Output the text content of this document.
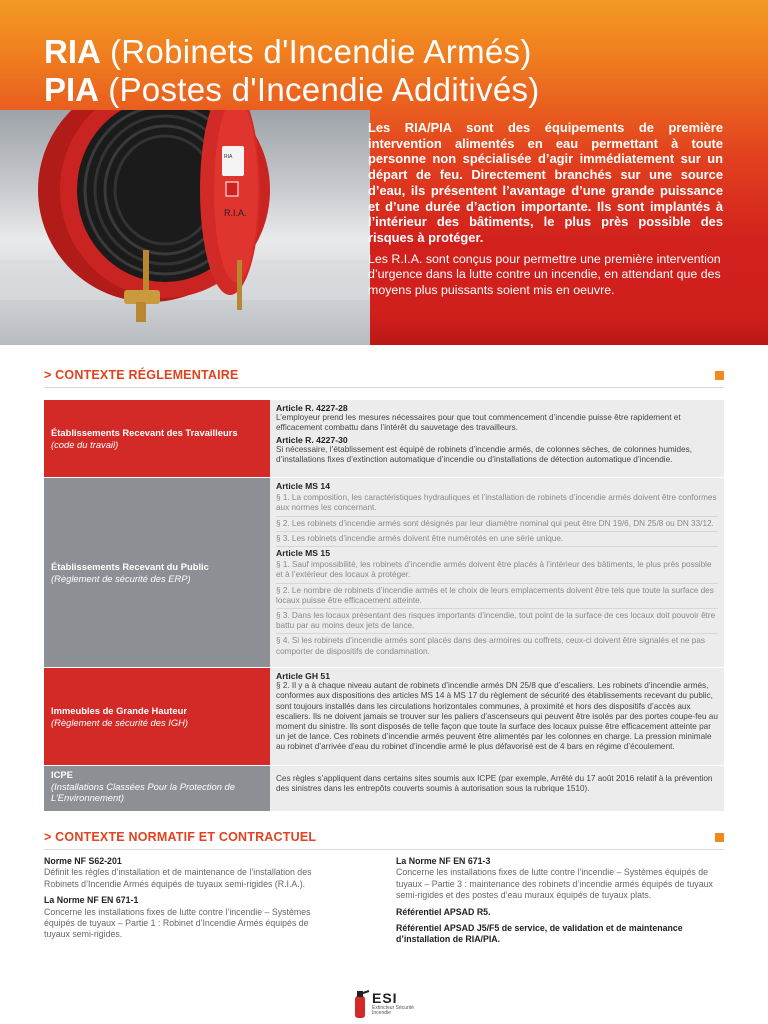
RIA (Robinets d'Incendie Armés)
PIA (Postes d'Incendie Additivés)
RIA
R.I.A.

Les RIA/PIA sont des équipements de première intervention alimentés en eau permettant à toute personne non spécialisée d’agir immédiatement sur un départ de feu. Directement branchés sur une source d’eau, ils présentent l’avantage d’une grande puissance et d’une durée d’action importante. Ils sont implantés à l’intérieur des bâtiments, le plus près possible des risques à protéger.

Les R.I.A. sont conçus pour permettre une première intervention d’urgence dans la lutte contre un incendie, en attendant que des moyens plus puissants soient mis en oeuvre.

> CONTEXTE RÉGLEMENTAIRE
Établissements Recevant des Travailleurs
(code du travail)
Article R. 4227-28
L’employeur prend les mesures nécessaires pour que tout commencement d’incendie puisse être rapidement et efficacement combattu dans l’intérêt du sauvetage des travailleurs.
Article R. 4227-30
Si nécessaire, l’établissement est équipé de robinets d’incendie armés, de colonnes sèches, de colonnes humides, d’installations fixes d’extinction automatique d’incendie ou d’installations de détection automatique d’incendie.
Établissements Recevant du Public
(Règlement de sécurité des ERP)
Article MS 14
§ 1. La composition, les caractéristiques hydrauliques et l’installation de robinets d’incendie armés doivent être conformes aux normes les concernant.
§ 2. Les robinets d’incendie armés sont désignés par leur diamètre nominal qui peut être DN 19/6, DN 25/8 ou DN 33/12.
§ 3. Les robinets d’incendie armés doivent être numérotés en une série unique.
Article MS 15
§ 1. Sauf impossibilité, les robinets d’incendie armés doivent être placés à l’intérieur des bâtiments, le plus près possible et à l’extérieur des locaux à protéger.
§ 2. Le nombre de robinets d’incendie armés et le choix de leurs emplacements doivent être tels que toute la surface des locaux puisse être efficacement atteinte.
§ 3. Dans les locaux présentant des risques importants d’incendie, tout point de la surface de ces locaux doit pouvoir être battu par au moins deux jets de lance.
§ 4. Si les robinets d’incendie armés sont placés dans des armoires ou coffrets, ceux-ci doivent être signalés et ne pas comporter de dispositifs de condamnation.
Immeubles de Grande Hauteur
(Règlement de sécurité des IGH)
Article GH 51
§ 2. Il y a à chaque niveau autant de robinets d’incendie armés DN 25/8 que d’escaliers. Les robinets d’incendie armés, conformes aux dispositions des articles MS 14 à MS 17 du règlement de sécurité des établissements recevant du public, sont toujours installés dans les circulations horizontales communes, à proximité et hors des dispositifs d’accès aux escaliers. Ils ne doivent jamais se trouver sur les paliers d’ascenseurs qui peuvent être isolés par des portes coupe-feu au moment du sinistre. Ils sont disposés de telle façon que toute la surface des locaux puisse être efficacement atteinte par un jet de lance. Ces robinets d’incendie armés peuvent être alimentés par les colonnes en charge. La pression minimale au robinet d’arrivée d’eau du robinet d’incendie armé le plus défavorisé est de 4 bars en régime d’écoulement.
ICPE
(Installations Classées Pour la Protection de L’Environnement)
Ces règles s’appliquent dans certains sites soumis aux ICPE (par exemple, Arrêté du 17 août 2016 relatif à la prévention des sinistres dans les entrepôts couverts soumis à autorisation sous la rubrique 1510).
> CONTEXTE NORMATIF ET CONTRACTUEL
Norme NF S62-201
Définit les règles d’installation et de maintenance de l’installation des Robinets d’Incendie Armés équipés de tuyaux semi-rigides (R.I.A.).
La Norme NF EN 671-1
Concerne les installations fixes de lutte contre l’incendie – Systèmes équipés de tuyaux – Partie 1 : Robinet d’Incendie Armés équipés de tuyaux semi-rigides.
La Norme NF EN 671-3
Concerne les installations fixes de lutte contre l’incendie – Systèmes équipés de tuyaux – Partie 3 : maintenance des robinets d’incendie armés équipés de tuyaux semi-rigides et des postes d’eau muraux équipés de tuyaux plats.
Référentiel APSAD R5.
Référentiel APSAD J5/F5 de service, de validation et de maintenance d’installation de RIA/PIA.
ESI
Extincteur Sécurité Incendie
